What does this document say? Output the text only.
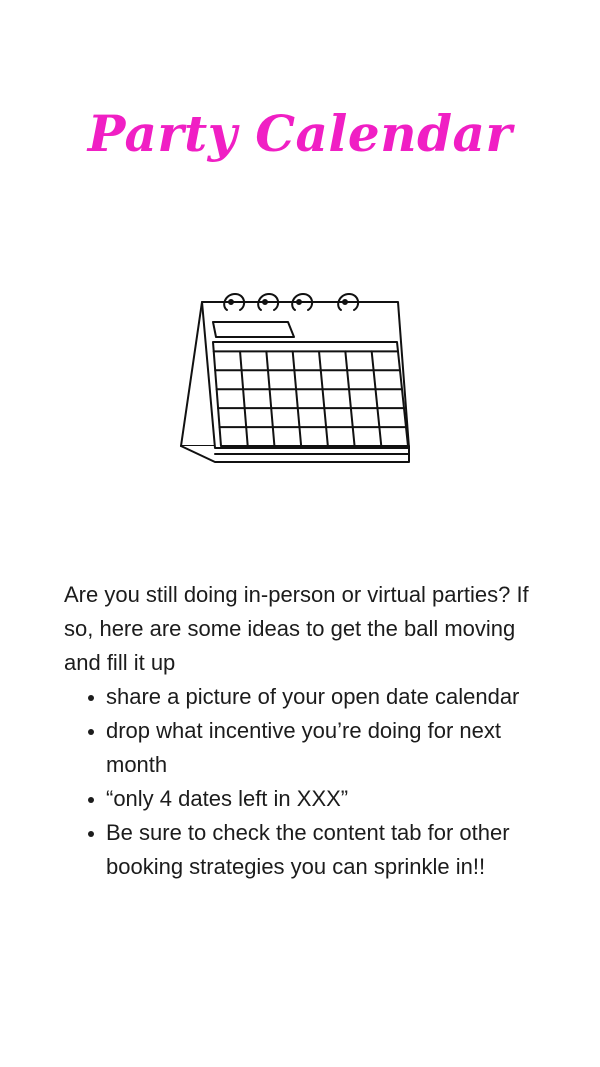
Party Calendar

Are you still doing in-person or virtual parties? If so, here are some ideas to get the ball moving and fill it up

share a picture of your open date calendar
drop what incentive you’re doing for next month
“only 4 dates left in XXX”
Be sure to check the content tab for other booking strategies you can sprinkle in!!
